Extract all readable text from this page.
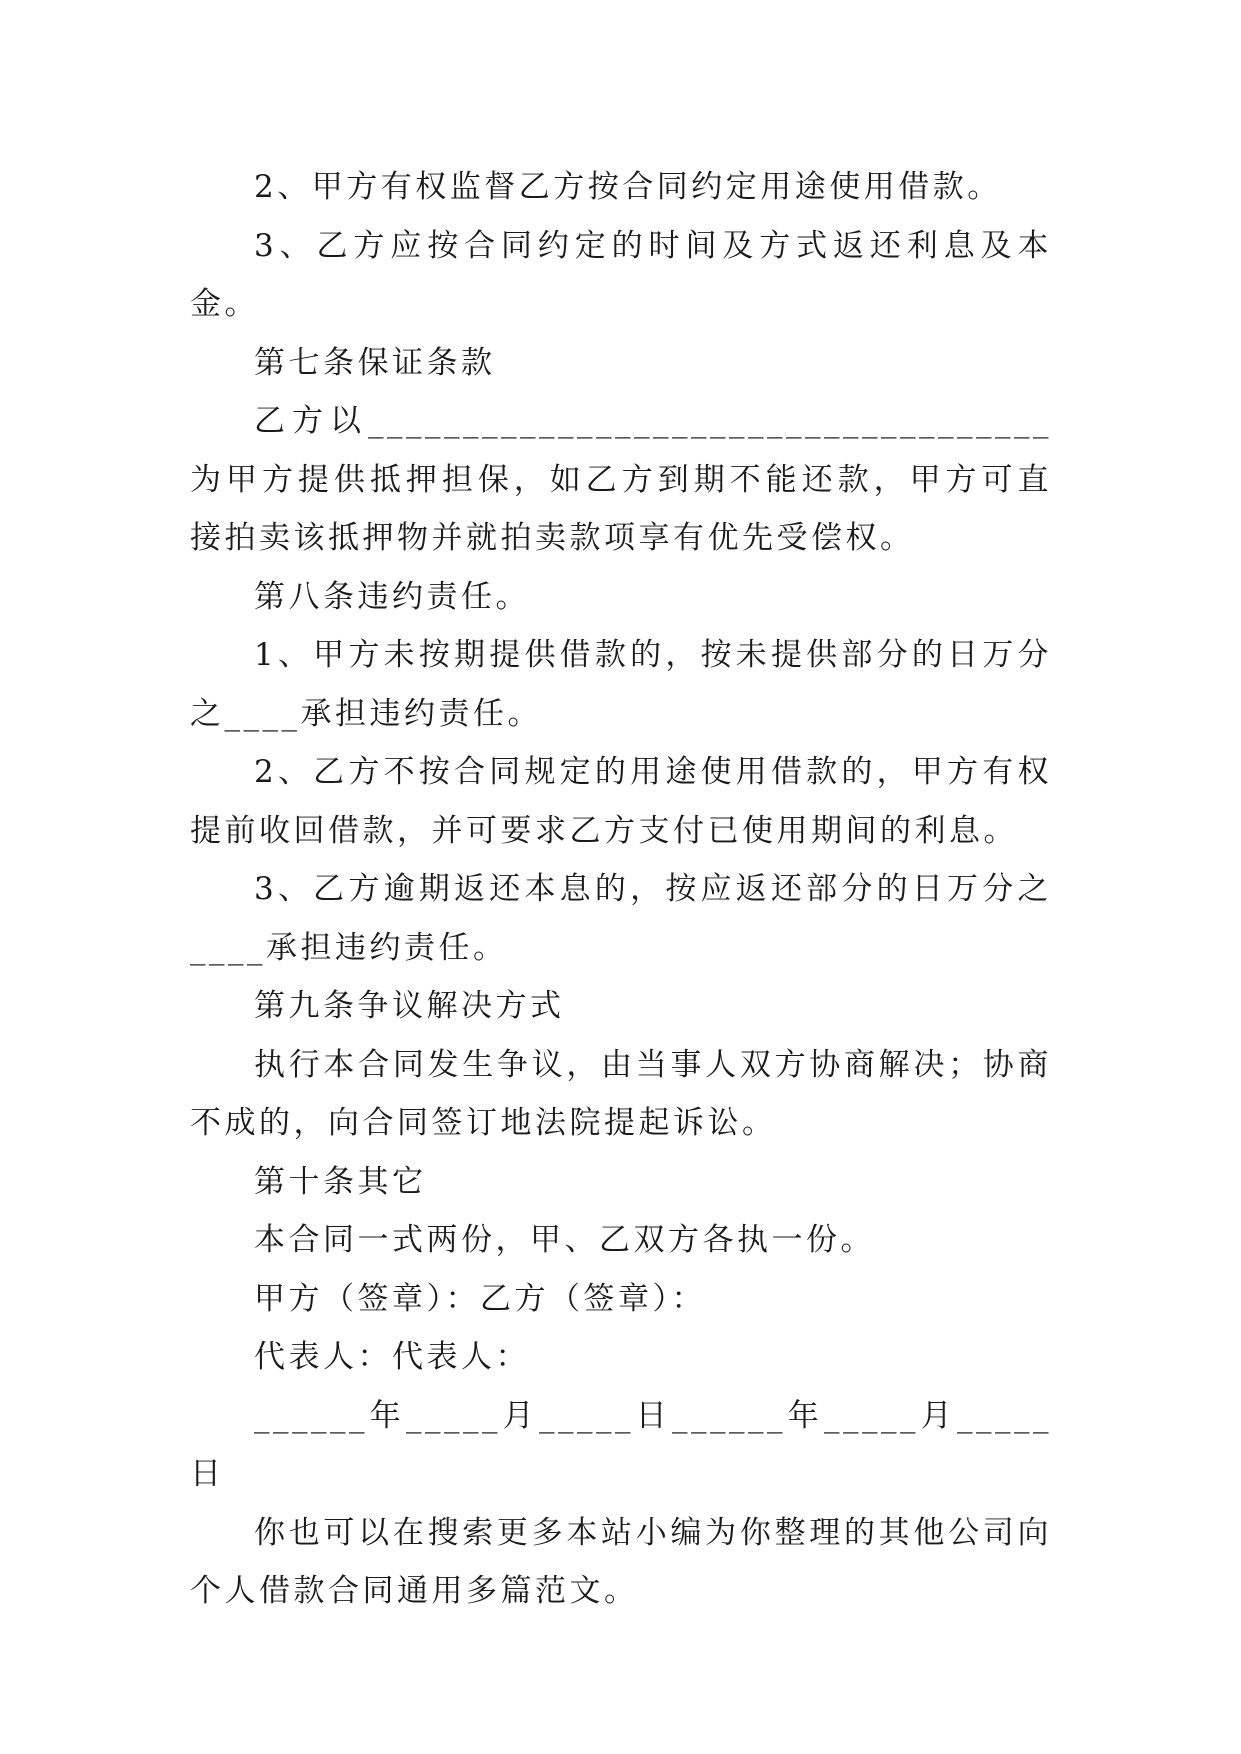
2、甲方有权监督乙方按合同约定用途使用借款。

3、乙方应按合同约定的时间及方式返还利息及本金。

第七条保证条款

乙方以____________________________________为甲方提供抵押担保，如乙方到期不能还款，甲方可直接拍卖该抵押物并就拍卖款项享有优先受偿权。

第八条违约责任。

1、甲方未按期提供借款的，按未提供部分的日万分之____承担违约责任。

2、乙方不按合同规定的用途使用借款的，甲方有权提前收回借款，并可要求乙方支付已使用期间的利息。

3、乙方逾期返还本息的，按应返还部分的日万分之____承担违约责任。

第九条争议解决方式

执行本合同发生争议，由当事人双方协商解决；协商不成的，向合同签订地法院提起诉讼。

第十条其它

本合同一式两份，甲、乙双方各执一份。

甲方（签章）：乙方（签章）：

代表人：代表人：

______年_____月_____日______年_____月_____日

你也可以在搜索更多本站小编为你整理的其他公司向个人借款合同通用多篇范文。
